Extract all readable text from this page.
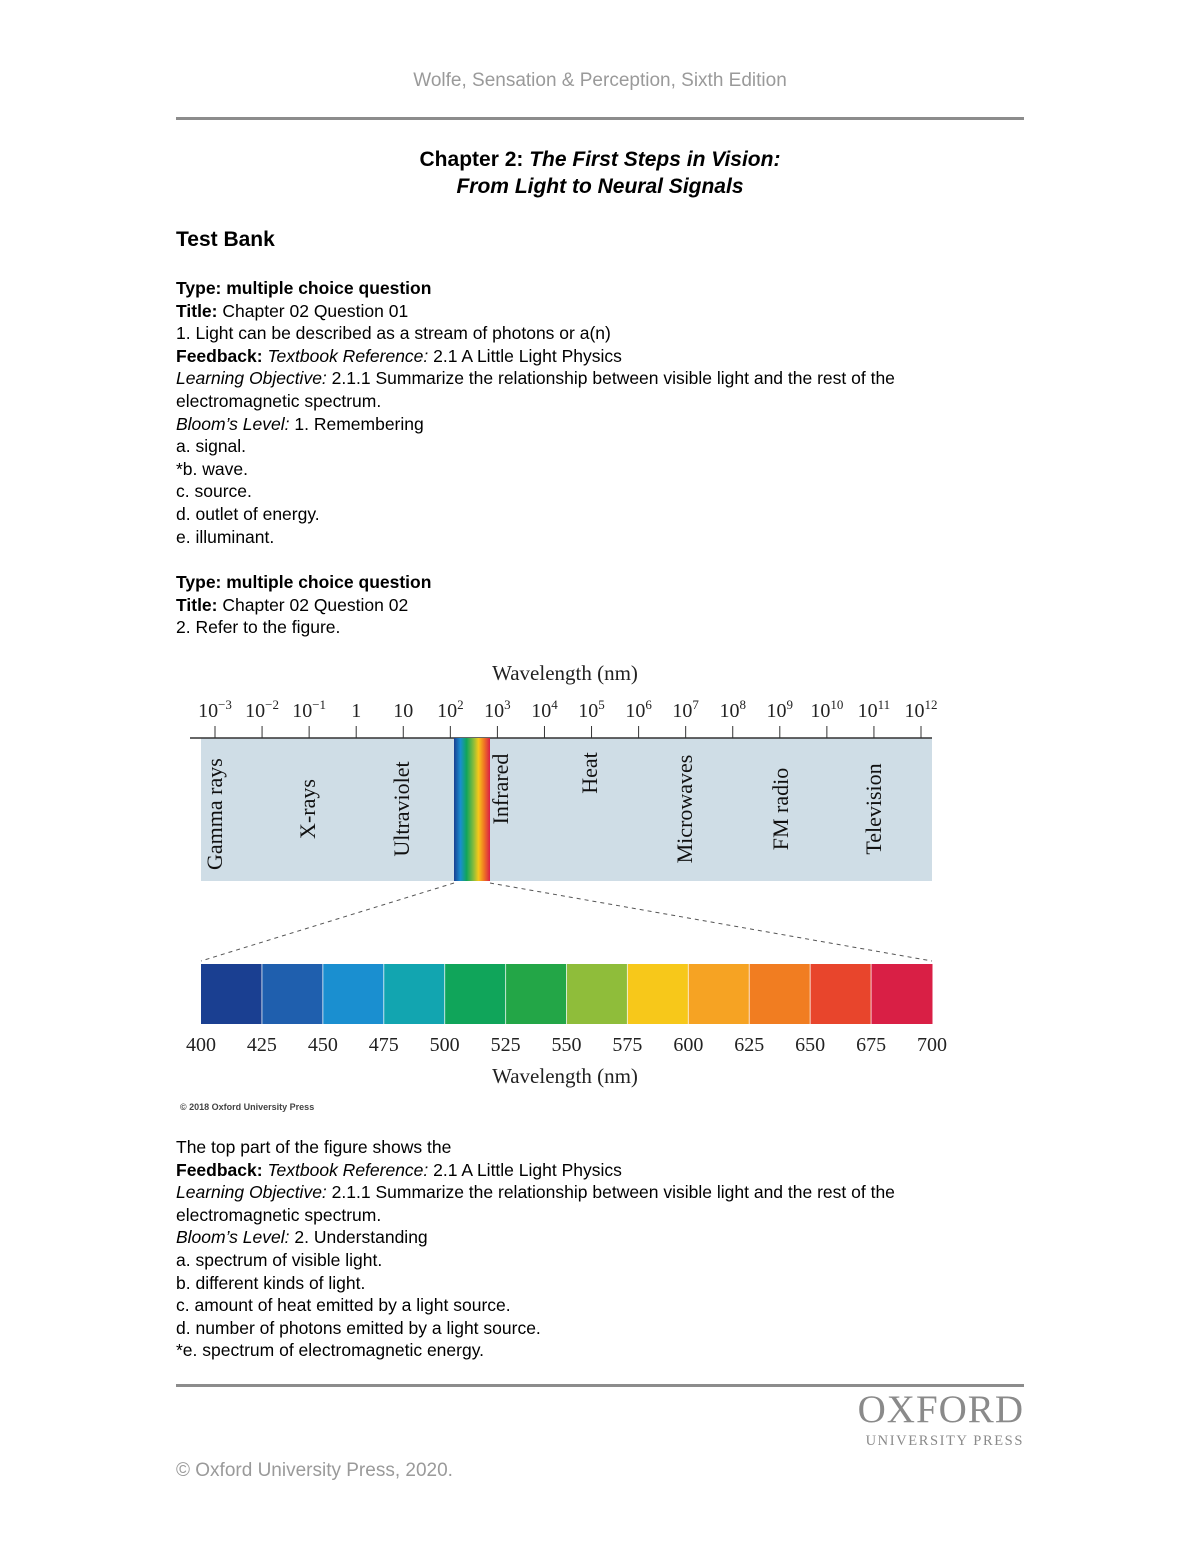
Wolfe, Sensation & Perception, Sixth Edition
Chapter 2: The First Steps in Vision:
From Light to Neural Signals
Test Bank

Type: multiple choice question

Title: Chapter 02 Question 01

1. Light can be described as a stream of photons or a(n)

Feedback: Textbook Reference: 2.1 A Little Light Physics

Learning Objective: 2.1.1 Summarize the relationship between visible light and the rest of the

electromagnetic spectrum.

Bloom’s Level: 1. Remembering

a. signal.

*b. wave.

c. source.

d. outlet of energy.

e. illuminant.

Type: multiple choice question

Title: Chapter 02 Question 02

2. Refer to the figure.

Wavelength (nm)
$10^{-3}$ $10^{-2}$ $10^{-1}$ 1 10 $10^2$ $10^3$ $10^4$ $10^5$ $10^6$ $10^7$ $10^8$ $10^9$ $10^{10}$ $10^{11}$ $10^{12}$
Gamma rays	X-rays	Ultraviolet	Infrared	Heat	Microwaves	FM radio	Television
400 425 450 475 500 525 550 575 600 625 650 675 700
Wavelength (nm)
© 2018 Oxford University Press

The top part of the figure shows the

Feedback: Textbook Reference: 2.1 A Little Light Physics

Learning Objective: 2.1.1 Summarize the relationship between visible light and the rest of the

electromagnetic spectrum.

Bloom’s Level: 2. Understanding

a. spectrum of visible light.

b. different kinds of light.

c. amount of heat emitted by a light source.

d. number of photons emitted by a light source.

*e. spectrum of electromagnetic energy.

OXFORD
UNIVERSITY PRESS
© Oxford University Press, 2020.
